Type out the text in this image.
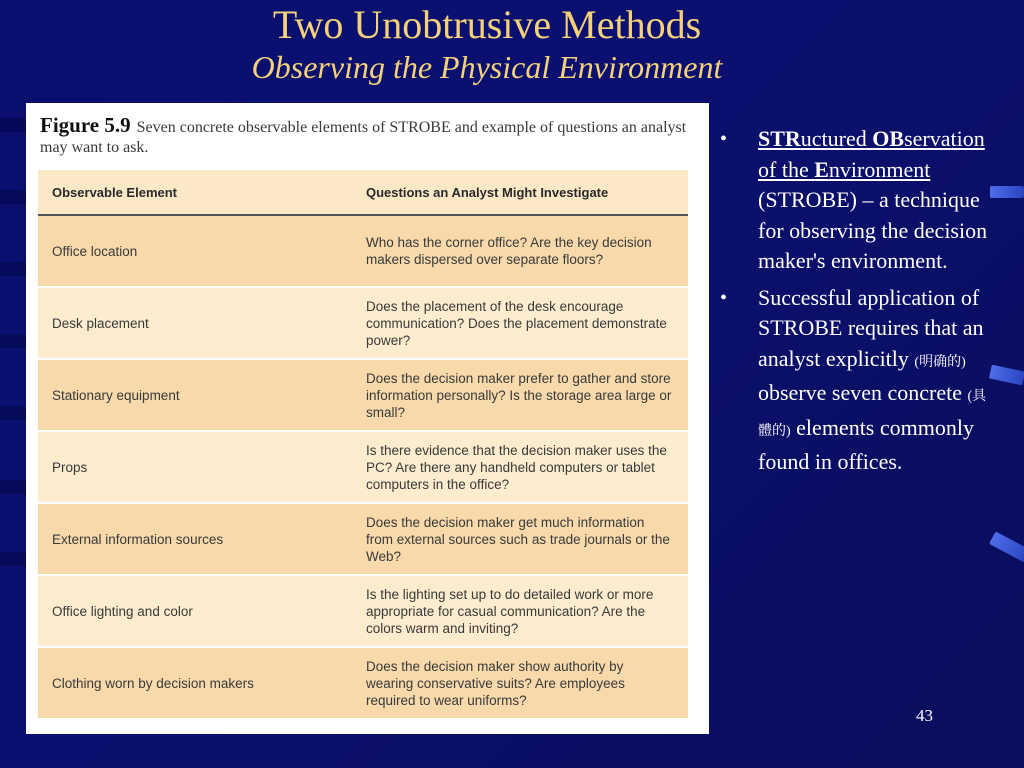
Two Unobtrusive Methods
Observing the Physical Environment
Figure 5.9 Seven concrete observable elements of STROBE and example of questions an analyst may want to ask.
Observable Element	Questions an Analyst Might Investigate
Office location	Who has the corner office? Are the key decision makers dispersed over separate floors?
Desk placement	Does the placement of the desk encourage communication? Does the placement demonstrate power?
Stationary equipment	Does the decision maker prefer to gather and store information personally? Is the storage area large or small?
Props	Is there evidence that the decision maker uses the PC? Are there any handheld computers or tablet computers in the office?
External information sources	Does the decision maker get much information from external sources such as trade journals or the Web?
Office lighting and color	Is the lighting set up to do detailed work or more appropriate for casual communication? Are the colors warm and inviting?
Clothing worn by decision makers	Does the decision maker show authority by wearing conservative suits? Are employees required to wear uniforms?
• STRuctured OBservation of the Environment (STROBE) – a technique for observing the decision maker's environment.
• Successful application of STROBE requires that an analyst explicitly (明确的) observe seven concrete (具體的) elements commonly found in offices.
43
